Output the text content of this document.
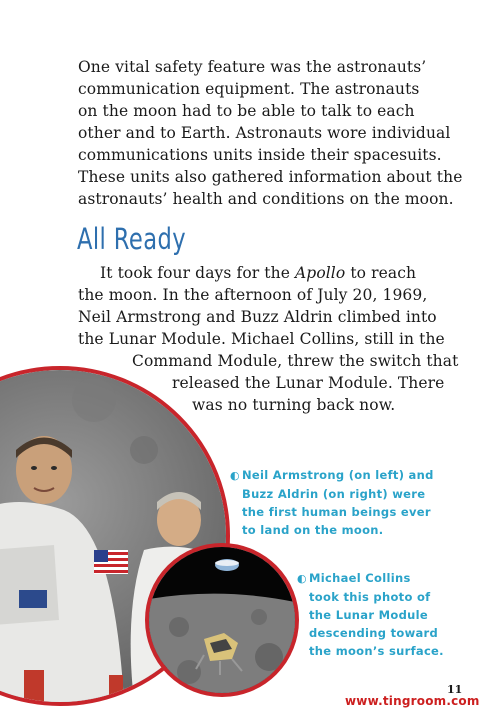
One vital safety feature was the astronauts’
communication equipment. The astronauts
on the moon had to be able to talk to each
other and to Earth. Astronauts wore individual
communications units inside their spacesuits.
These units also gathered information about the
astronauts’ health and conditions on the moon.
All Ready
It took four days for the Apollo to reach
the moon. In the afternoon of July 20, 1969,
Neil Armstrong and Buzz Aldrin climbed into
the Lunar Module. Michael Collins, still in the
Command Module, threw the switch that
released the Lunar Module. There
was no turning back now.
◐ Neil Armstrong (on left) and
Buzz Aldrin (on right) were
the first human beings ever
to land on the moon.
◐ Michael Collins
took this photo of
the Lunar Module
descending toward
the moon’s surface.
11
www.tingroom.com
